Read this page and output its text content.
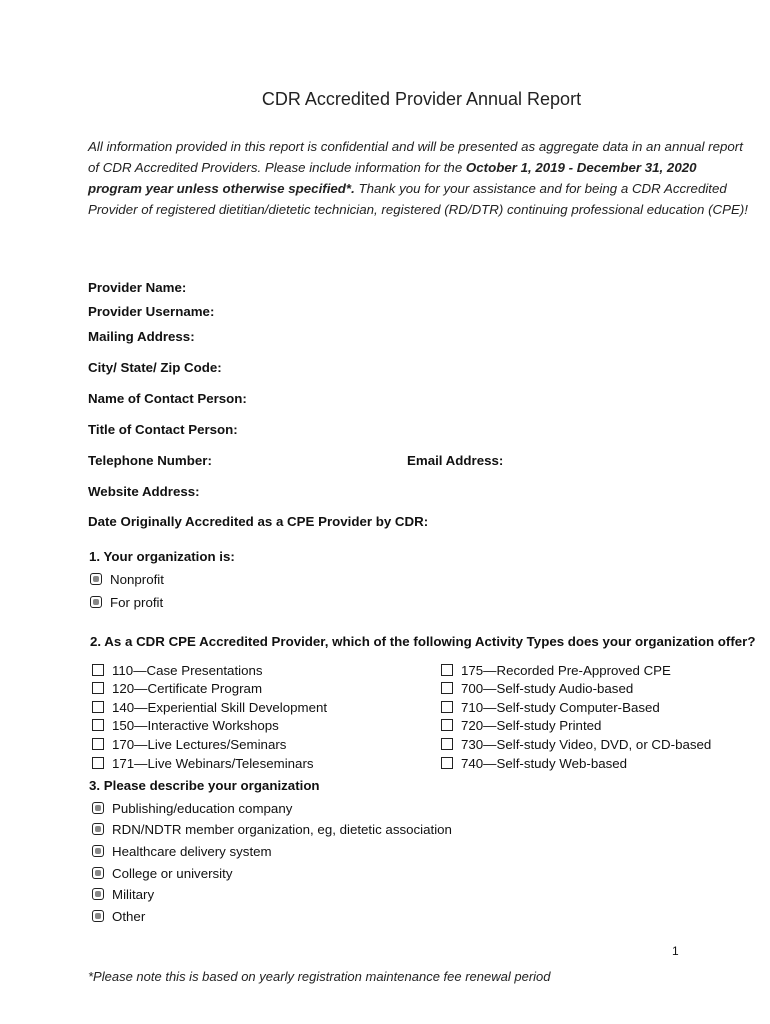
CDR Accredited Provider Annual Report
All information provided in this report is confidential and will be presented as aggregate data in an annual report of CDR Accredited Providers. Please include information for the October 1, 2019 - December 31, 2020 program year unless otherwise specified*. Thank you for your assistance and for being a CDR Accredited Provider of registered dietitian/dietetic technician, registered (RD/DTR) continuing professional education (CPE)!
Provider Name:
Provider Username:
Mailing Address:
City/ State/ Zip Code:
Name of Contact Person:
Title of Contact Person:
Telephone Number:	Email Address:
Website Address:
Date Originally Accredited as a CPE Provider by CDR:
1. Your organization is:
Nonprofit
For profit
2. As a CDR CPE Accredited Provider, which of the following Activity Types does your organization offer?
110—Case Presentations
120—Certificate Program
140—Experiential Skill Development
150—Interactive Workshops
170—Live Lectures/Seminars
171—Live Webinars/Teleseminars
175—Recorded Pre-Approved CPE
700—Self-study Audio-based
710—Self-study Computer-Based
720—Self-study Printed
730—Self-study Video, DVD, or CD-based
740—Self-study Web-based
3. Please describe your organization
Publishing/education company
RDN/NDTR member organization, eg, dietetic association
Healthcare delivery system
College or university
Military
Other
1
*Please note this is based on yearly registration maintenance fee renewal period
